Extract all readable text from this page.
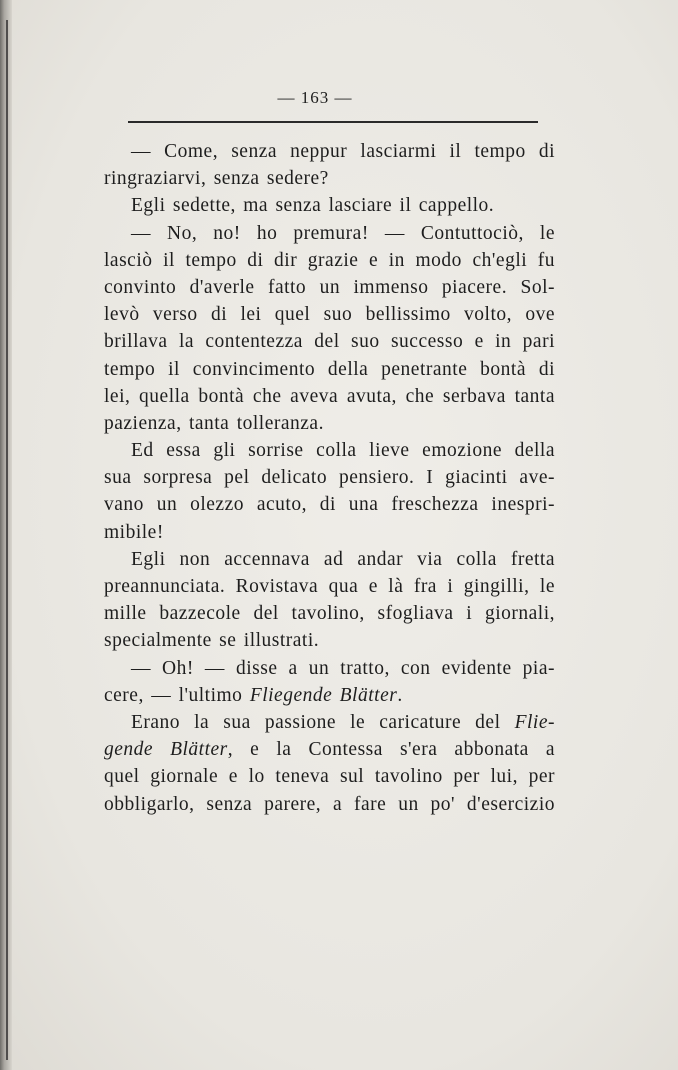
— 163 —
— Come, senza neppur lasciarmi il tempo di
ringraziarvi, senza sedere?
Egli sedette, ma senza lasciare il cappello.
— No, no! ho premura! — Contuttociò, le
lasciò il tempo di dir grazie e in modo ch'egli fu
convinto d'averle fatto un immenso piacere. Sol-
levò verso di lei quel suo bellissimo volto, ove
brillava la contentezza del suo successo e in pari
tempo il convincimento della penetrante bontà di
lei, quella bontà che aveva avuta, che serbava tanta
pazienza, tanta tolleranza.
Ed essa gli sorrise colla lieve emozione della
sua sorpresa pel delicato pensiero. I giacinti ave-
vano un olezzo acuto, di una freschezza inespri-
mibile!
Egli non accennava ad andar via colla fretta
preannunciata. Rovistava qua e là fra i gingilli, le
mille bazzecole del tavolino, sfogliava i giornali,
specialmente se illustrati.
— Oh! — disse a un tratto, con evidente pia-
cere, — l'ultimo Fliegende Blätter.
Erano la sua passione le caricature del Flie-
gende Blätter, e la Contessa s'era abbonata a
quel giornale e lo teneva sul tavolino per lui, per
obbligarlo, senza parere, a fare un po' d'esercizio
